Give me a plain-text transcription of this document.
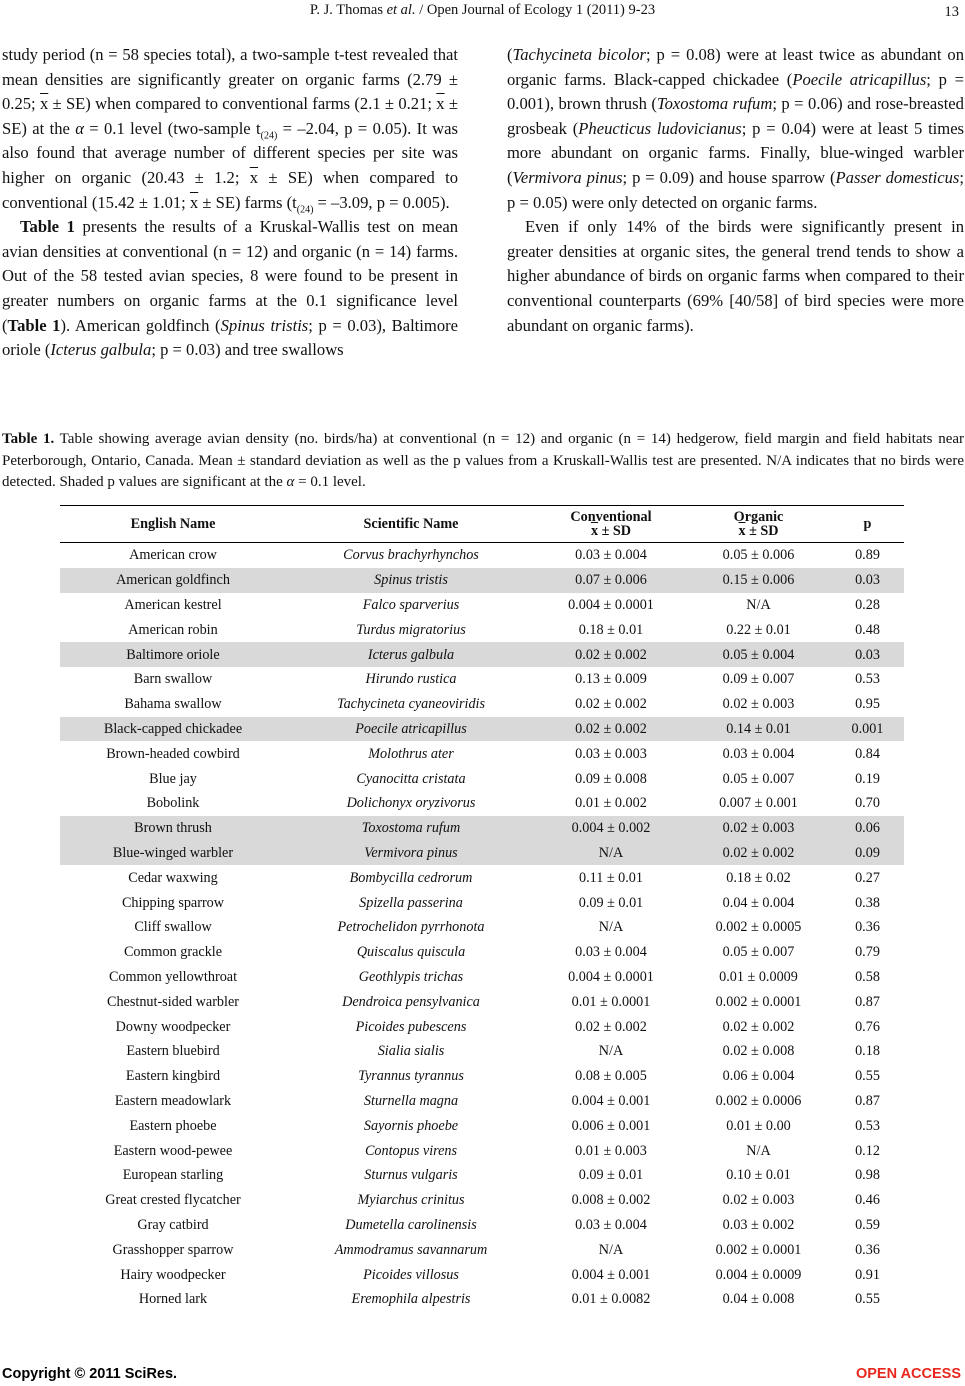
P. J. Thomas et al. / Open Journal of Ecology 1 (2011) 9-23	13

study period (n = 58 species total), a two-sample t-test revealed that mean densities are significantly greater on organic farms (2.79 ± 0.25; $\overline{x} \pm SE$) when compared to conventional farms (2.1 ± 0.21; $\overline{x} \pm SE$) at the α = 0.1 level (two-sample $t_{(24)} = -2.04$, p = 0.05). It was also found that average number of different species per site was higher on organic (20.43 ± 1.2; $\overline{x} \pm SE$) when compared to conventional (15.42 ± 1.01; $\overline{x} \pm SE$) farms ($t_{(24)} = -3.09$, p = 0.005).

Table 1 presents the results of a Kruskal-Wallis test on mean avian densities at conventional (n = 12) and organic (n = 14) farms. Out of the 58 tested avian species, 8 were found to be present in greater numbers on organic farms at the 0.1 significance level (Table 1). American goldfinch (Spinus tristis; p = 0.03), Baltimore oriole (Icterus galbula; p = 0.03) and tree swallows

(Tachycineta bicolor; p = 0.08) were at least twice as abundant on organic farms. Black-capped chickadee (Poecile atricapillus; p = 0.001), brown thrush (Toxostoma rufum; p = 0.06) and rose-breasted grosbeak (Pheucticus ludovicianus; p = 0.04) were at least 5 times more abundant on organic farms. Finally, blue-winged warbler (Vermivora pinus; p = 0.09) and house sparrow (Passer domesticus; p = 0.05) were only detected on organic farms.

Even if only 14% of the birds were significantly present in greater densities at organic sites, the general trend tends to show a higher abundance of birds on organic farms when compared to their conventional counterparts (69% [40/58] of bird species were more abundant on organic farms).

Table 1. Table showing average avian density (no. birds/ha) at conventional (n = 12) and organic (n = 14) hedgerow, field margin and field habitats near Peterborough, Ontario, Canada. Mean ± standard deviation as well as the p values from a Kruskall-Wallis test are presented. N/A indicates that no birds were detected. Shaded p values are significant at the α = 0.1 level.
English Name	Scientific Name	Conventional
$\overline{x}$ ± SD	Organic
$\overline{x}$ ± SD	p
American crow	Corvus brachyrhynchos	0.03 ± 0.004	0.05 ± 0.006	0.89
American goldfinch	Spinus tristis	0.07 ± 0.006	0.15 ± 0.006	0.03
American kestrel	Falco sparverius	0.004 ± 0.0001	N/A	0.28
American robin	Turdus migratorius	0.18 ± 0.01	0.22 ± 0.01	0.48
Baltimore oriole	Icterus galbula	0.02 ± 0.002	0.05 ± 0.004	0.03
Barn swallow	Hirundo rustica	0.13 ± 0.009	0.09 ± 0.007	0.53
Bahama swallow	Tachycineta cyaneoviridis	0.02 ± 0.002	0.02 ± 0.003	0.95
Black-capped chickadee	Poecile atricapillus	0.02 ± 0.002	0.14 ± 0.01	0.001
Brown-headed cowbird	Molothrus ater	0.03 ± 0.003	0.03 ± 0.004	0.84
Blue jay	Cyanocitta cristata	0.09 ± 0.008	0.05 ± 0.007	0.19
Bobolink	Dolichonyx oryzivorus	0.01 ± 0.002	0.007 ± 0.001	0.70
Brown thrush	Toxostoma rufum	0.004 ± 0.002	0.02 ± 0.003	0.06
Blue-winged warbler	Vermivora pinus	N/A	0.02 ± 0.002	0.09
Cedar waxwing	Bombycilla cedrorum	0.11 ± 0.01	0.18 ± 0.02	0.27
Chipping sparrow	Spizella passerina	0.09 ± 0.01	0.04 ± 0.004	0.38
Cliff swallow	Petrochelidon pyrrhonota	N/A	0.002 ± 0.0005	0.36
Common grackle	Quiscalus quiscula	0.03 ± 0.004	0.05 ± 0.007	0.79
Common yellowthroat	Geothlypis trichas	0.004 ± 0.0001	0.01 ± 0.0009	0.58
Chestnut-sided warbler	Dendroica pensylvanica	0.01 ± 0.0001	0.002 ± 0.0001	0.87
Downy woodpecker	Picoides pubescens	0.02 ± 0.002	0.02 ± 0.002	0.76
Eastern bluebird	Sialia sialis	N/A	0.02 ± 0.008	0.18
Eastern kingbird	Tyrannus tyrannus	0.08 ± 0.005	0.06 ± 0.004	0.55
Eastern meadowlark	Sturnella magna	0.004 ± 0.001	0.002 ± 0.0006	0.87
Eastern phoebe	Sayornis phoebe	0.006 ± 0.001	0.01 ± 0.00	0.53
Eastern wood-pewee	Contopus virens	0.01 ± 0.003	N/A	0.12
European starling	Sturnus vulgaris	0.09 ± 0.01	0.10 ± 0.01	0.98
Great crested flycatcher	Myiarchus crinitus	0.008 ± 0.002	0.02 ± 0.003	0.46
Gray catbird	Dumetella carolinensis	0.03 ± 0.004	0.03 ± 0.002	0.59
Grasshopper sparrow	Ammodramus savannarum	N/A	0.002 ± 0.0001	0.36
Hairy woodpecker	Picoides villosus	0.004 ± 0.001	0.004 ± 0.0009	0.91
Horned lark	Eremophila alpestris	0.01 ± 0.0082	0.04 ± 0.008	0.55
Copyright © 2011 SciRes.	OPEN ACCESS
